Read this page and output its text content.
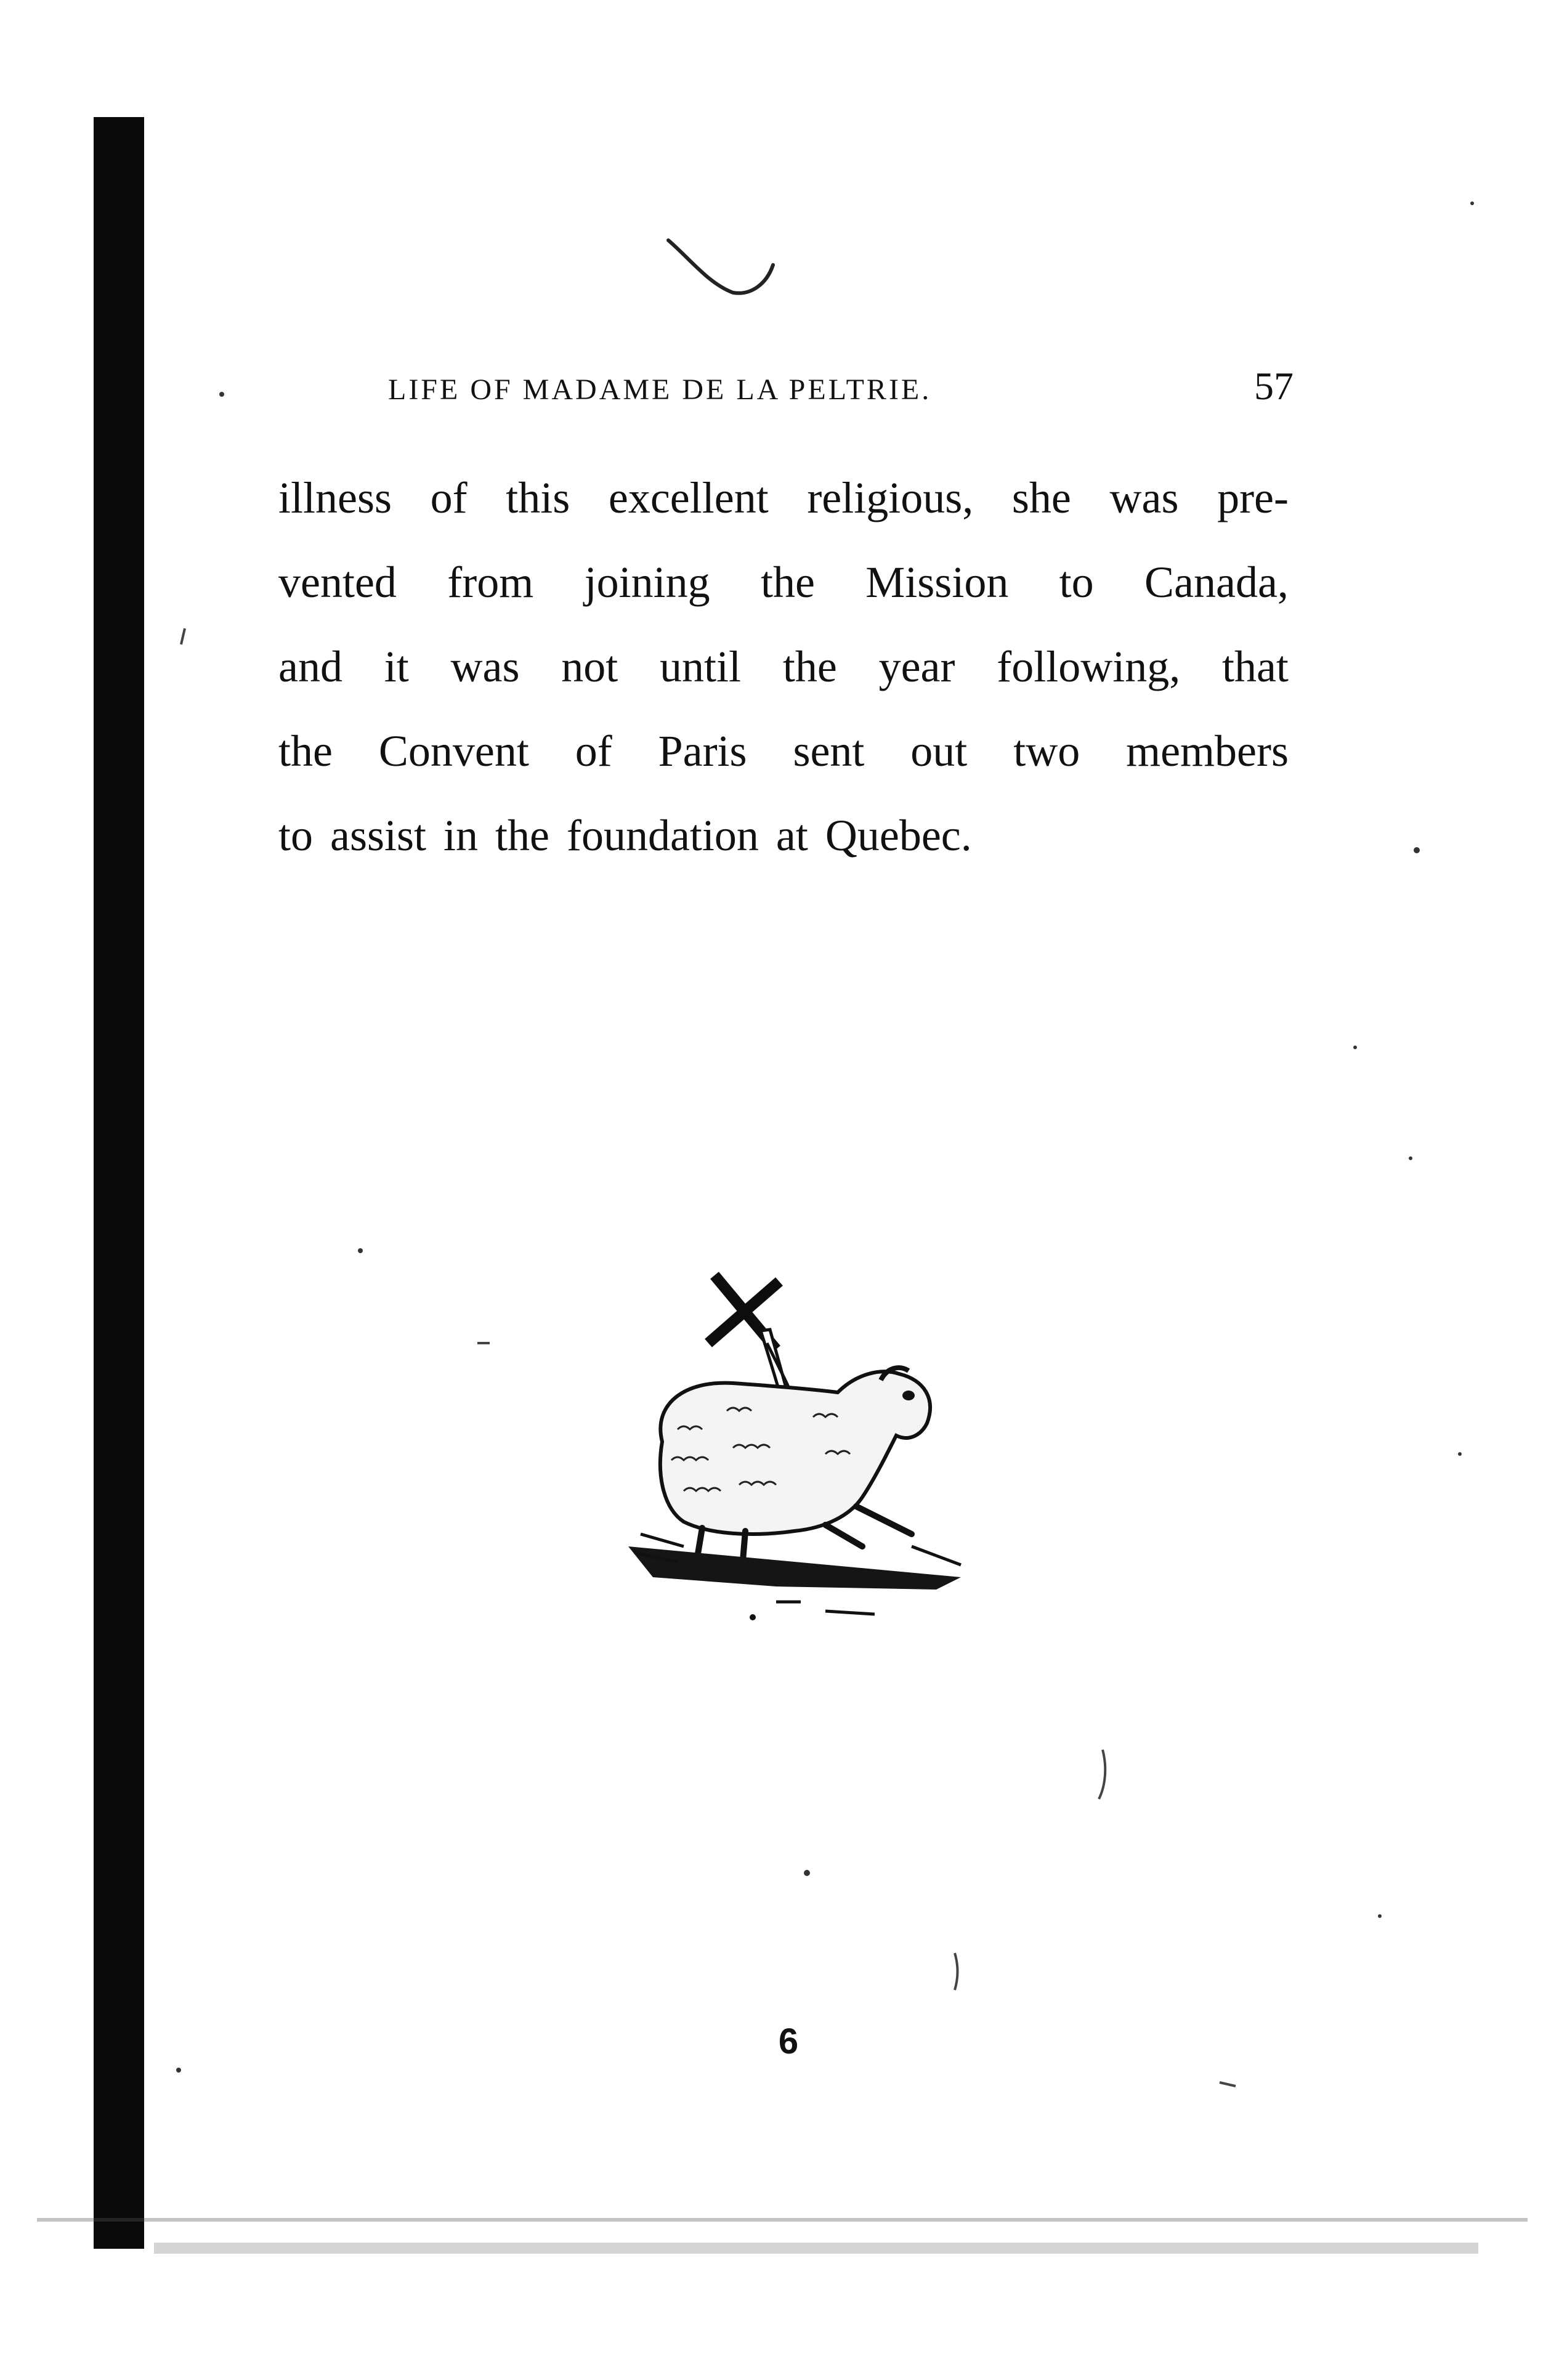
LIFE OF MADAME DE LA PELTRIE.	57
illness of this excellent religious, she was pre-
vented from joining the Mission to Canada,
and it was not until the year following, that
the Convent of Paris sent out two members
to assist in the foundation at Quebec.
6
